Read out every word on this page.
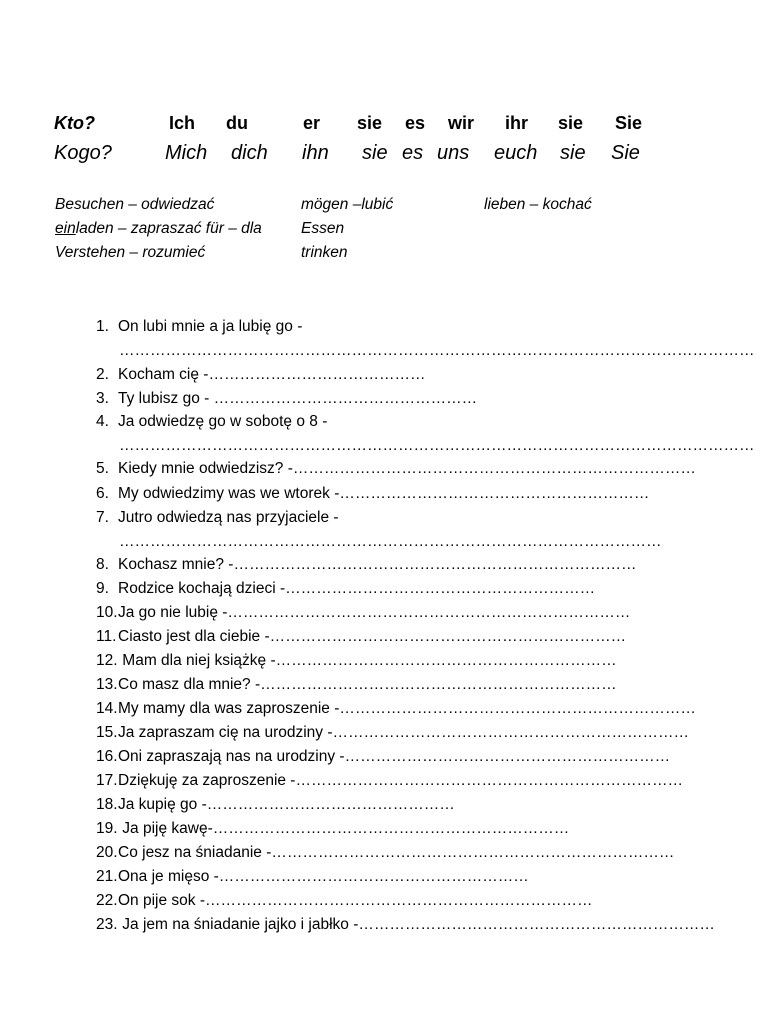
Kto?	Ich du	er sie es wir ihr sie Sie
Kogo?	Mich dich ihn sie es uns euch sie Sie
Besuchen – odwiedzać	mögen –lubić	lieben – kochać
einladen – zapraszać für – dla	Essen
Verstehen – rozumieć	trinken
1. On lubi mnie a ja lubię go -
……………………………………………………………………………………………………………
2. Kocham cię -……………………………………
3. Ty lubisz go - ……………………………………………
4. Ja odwiedzę go w sobotę o 8 -
……………………………………………………………………………………………………………
5. Kiedy mnie odwiedzisz? -……………………………………………………………………
6. My odwiedzimy was we wtorek -……………………………………………………
7. Jutro odwiedzą nas przyjaciele -
……………………………………………………………………………………………
8. Kochasz mnie? -……………………………………………………………………
9. Rodzice kochają dzieci -……………………………………………………
10.Ja go nie lubię -……………………………………………………………………
11. Ciasto jest dla ciebie -……………………………………………………………
12. Mam dla niej książkę -…………………………………………………………
13.Co masz dla mnie? -……………………………………………………………
14.My mamy dla was zaproszenie -……………………………………………………………
15.Ja zapraszam cię na urodziny -……………………………………………………………
16.Oni zapraszają nas na urodziny -………………………………………………………
17.Dziękuję za zaproszenie -…………………………………………………………………
18.Ja kupię go -…………………………………………
19. Ja piję kawę-……………………………………………………………
20.Co jesz na śniadanie -……………………………………………………………………
21.Ona je mięso -……………………………………………………
22.On pije sok -…………………………………………………………………
23. Ja jem na śniadanie jajko i jabłko -……………………………………………………………
